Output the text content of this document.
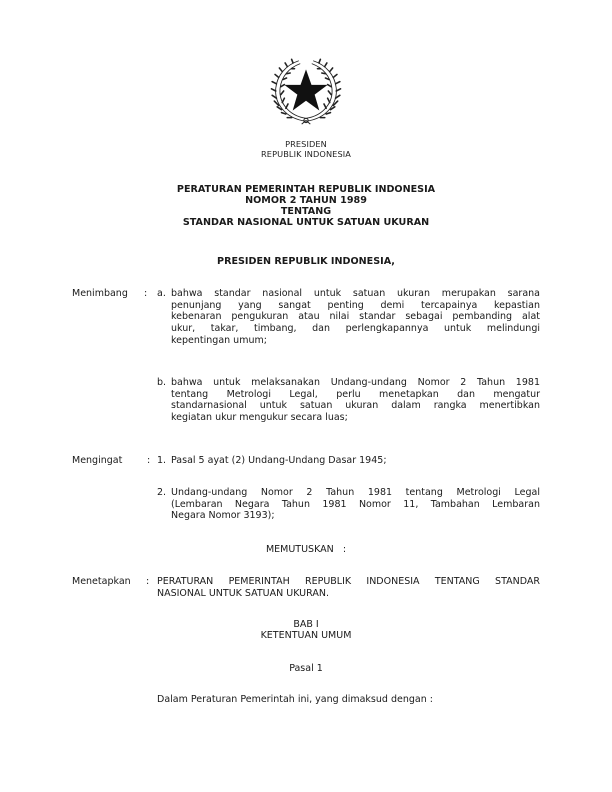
PRESIDEN
REPUBLIK INDONESIA
PERATURAN PEMERINTAH REPUBLIK INDONESIA
NOMOR 2 TAHUN 1989
TENTANG
STANDAR NASIONAL UNTUK SATUAN UKURAN
PRESIDEN REPUBLIK INDONESIA,
Menimbang : a. bahwa standar nasional untuk satuan ukuran merupakan sarana
penunjang yang sangat penting demi tercapainya kepastian
kebenaran pengukuran atau nilai standar sebagai pembanding alat
ukur, takar, timbang, dan perlengkapannya untuk melindungi
kepentingan umum;
b. bahwa untuk melaksanakan Undang-undang Nomor 2 Tahun 1981
tentang Metrologi Legal, perlu menetapkan dan mengatur
standarnasional untuk satuan ukuran dalam rangka menertibkan
kegiatan ukur mengukur secara luas;
Mengingat	: 1. Pasal 5 ayat (2) Undang-Undang Dasar 1945;
2. Undang-undang Nomor 2 Tahun 1981 tentang Metrologi Legal
(Lembaran Negara Tahun 1981 Nomor 11, Tambahan Lembaran
Negara Nomor 3193);
MEMUTUSKAN   :
Menetapkan : PERATURAN PEMERINTAH REPUBLIK INDONESIA TENTANG STANDAR
NASIONAL UNTUK SATUAN UKURAN.
BAB I
KETENTUAN UMUM
Pasal 1
Dalam Peraturan Pemerintah ini, yang dimaksud dengan :
